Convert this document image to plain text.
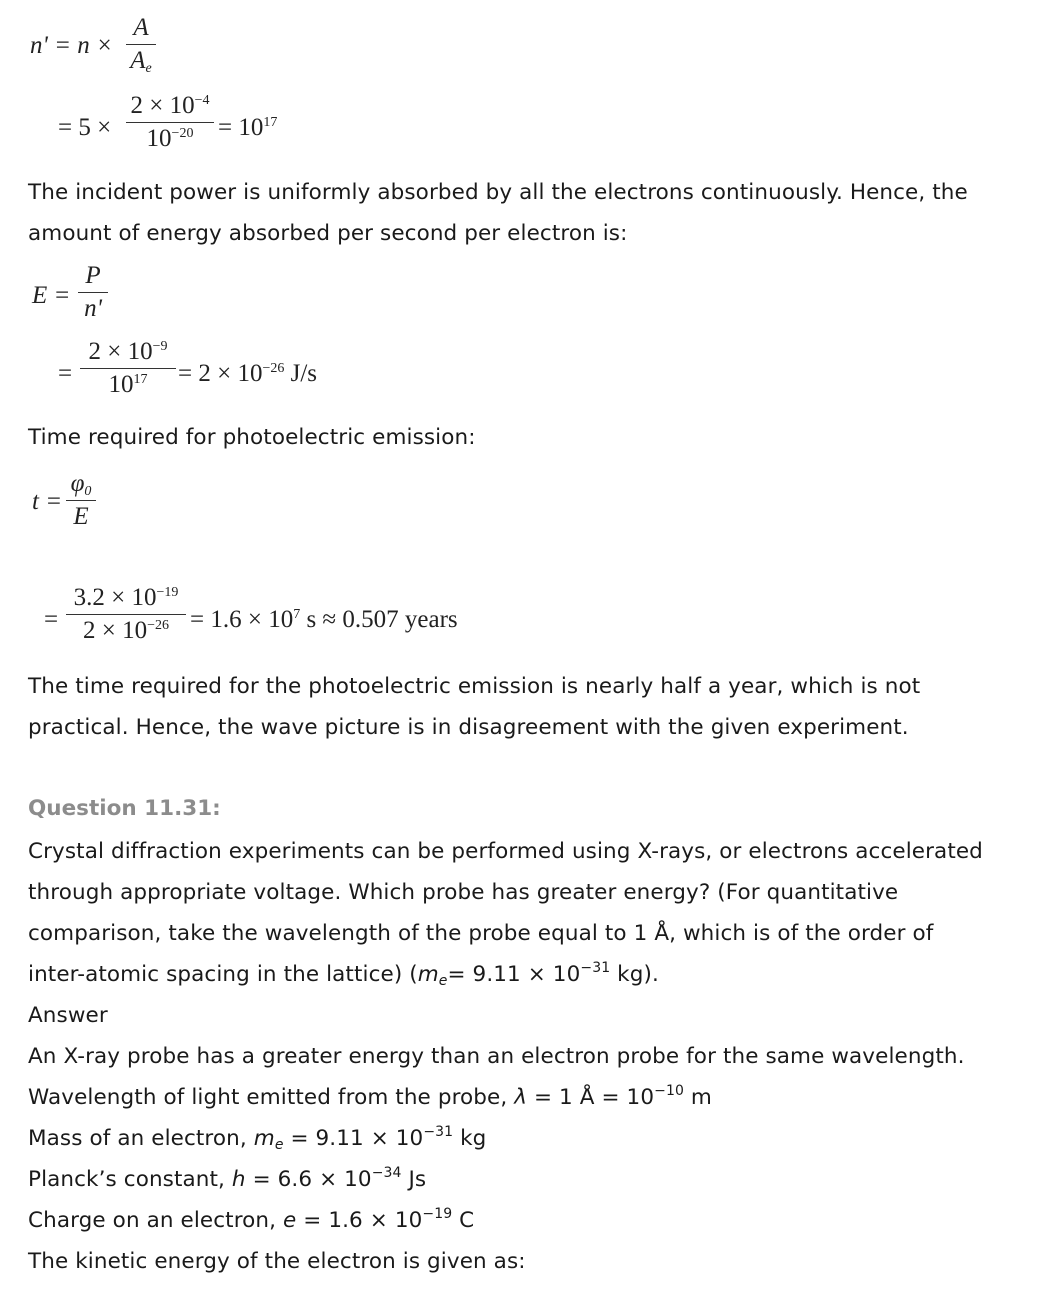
n' = n ×
A
$A_e$
= 5 ×
$2 \times 10^{-4}$
$10^{-20} = 10^{17}$
The incident power is uniformly absorbed by all the electrons continuously. Hence, the
amount of energy absorbed per second per electron is:
E =
P
n'
=
$2 \times 10^{-9}$
$10^{17}$	= $2 \times 10^{-26}$ J/s
Time required for photoelectric emission:
t =
$\varphi_0$
E
=
$3.2 \times 10^{-19}$
$2 \times 10^{-26} = 1.6 \times 10^7$ s ≈ 0.507 years
The time required for the photoelectric emission is nearly half a year, which is not
practical. Hence, the wave picture is in disagreement with the given experiment.
Question 11.31:
Crystal diffraction experiments can be performed using X-rays, or electrons accelerated
through appropriate voltage. Which probe has greater energy? (For quantitative
comparison, take the wavelength of the probe equal to 1 Å, which is of the order of
inter-atomic spacing in the lattice) ($m_e= 9.11 \times 10^{-31}$ kg).
Answer
An X-ray probe has a greater energy than an electron probe for the same wavelength.
Wavelength of light emitted from the probe, λ = 1 Å = $10^{-10}$ m
Mass of an electron, $m_e = 9.11 \times 10^{-31}$ kg
Planck’s constant, $h = 6.6 \times 10^{-34}$ Js
Charge on an electron, $e = 1.6 \times 10^{-19}$ C
The kinetic energy of the electron is given as:
